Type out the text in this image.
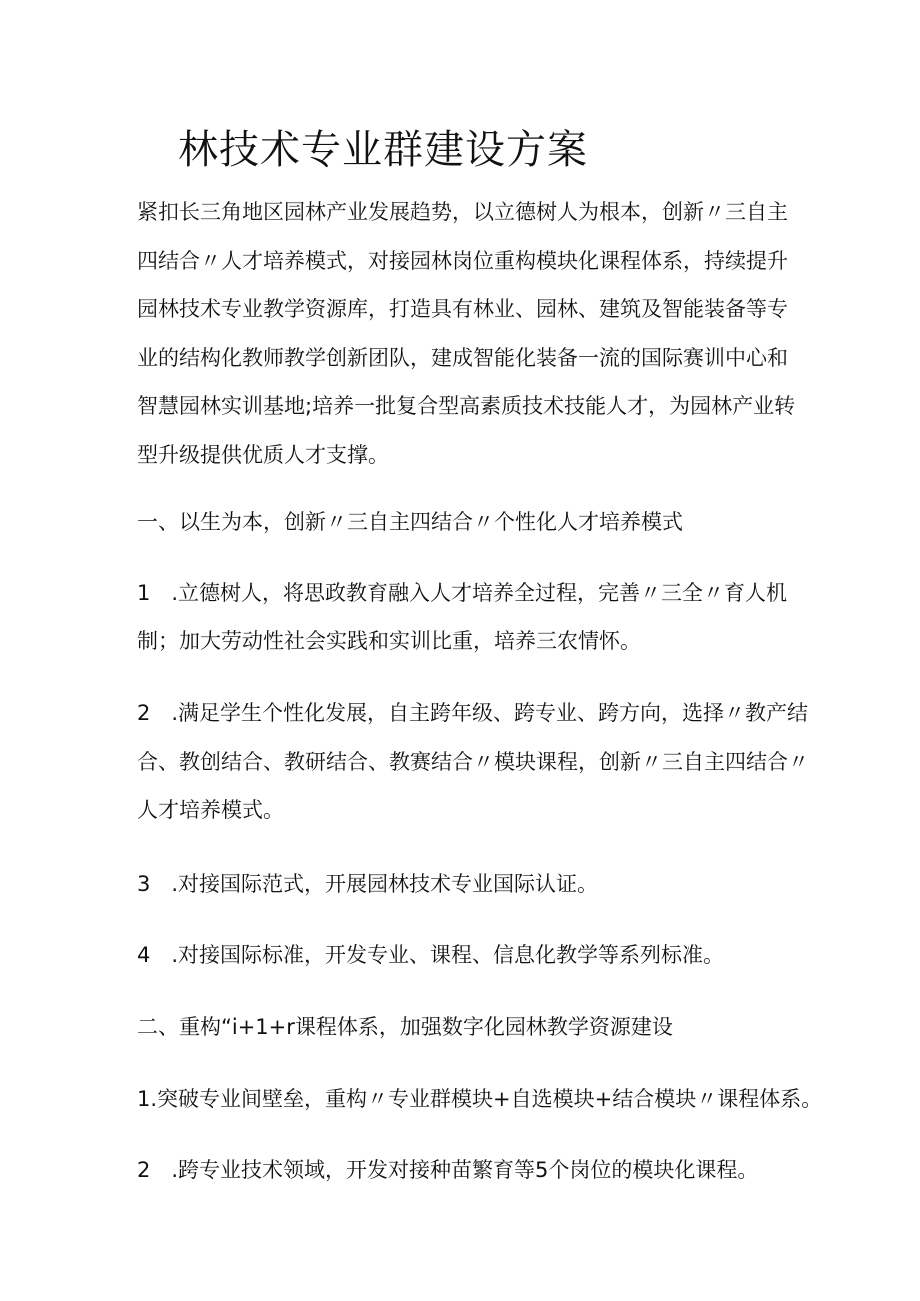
林技术专业群建设方案

紧扣长三角地区园林产业发展趋势，以立德树人为根本，创新〃三自主四结合〃人才培养模式，对接园林岗位重构模块化课程体系，持续提升园林技术专业教学资源库，打造具有林业、园林、建筑及智能装备等专业的结构化教师教学创新团队，建成智能化装备一流的国际赛训中心和智慧园林实训基地;培养一批复合型高素质技术技能人才，为园林产业转型升级提供优质人才支撑。

一、以生为本，创新〃三自主四结合〃个性化人才培养模式

1　.立德树人，将思政教育融入人才培养全过程，完善〃三全〃育人机

制；加大劳动性社会实践和实训比重，培养三农情怀。

2　.满足学生个性化发展，自主跨年级、跨专业、跨方向，选择〃教产结

合、教创结合、教研结合、教赛结合〃模块课程，创新〃三自主四结合〃

人才培养模式。

3　.对接国际范式，开展园林技术专业国际认证。

4　.对接国际标准，开发专业、课程、信息化教学等系列标准。

二、重构“i+1+r课程体系，加强数字化园林教学资源建设

1.突破专业间壁垒，重构〃专业群模块+自选模块+结合模块〃课程体系。

2　.跨专业技术领域，开发对接种苗繁育等5个岗位的模块化课程。
